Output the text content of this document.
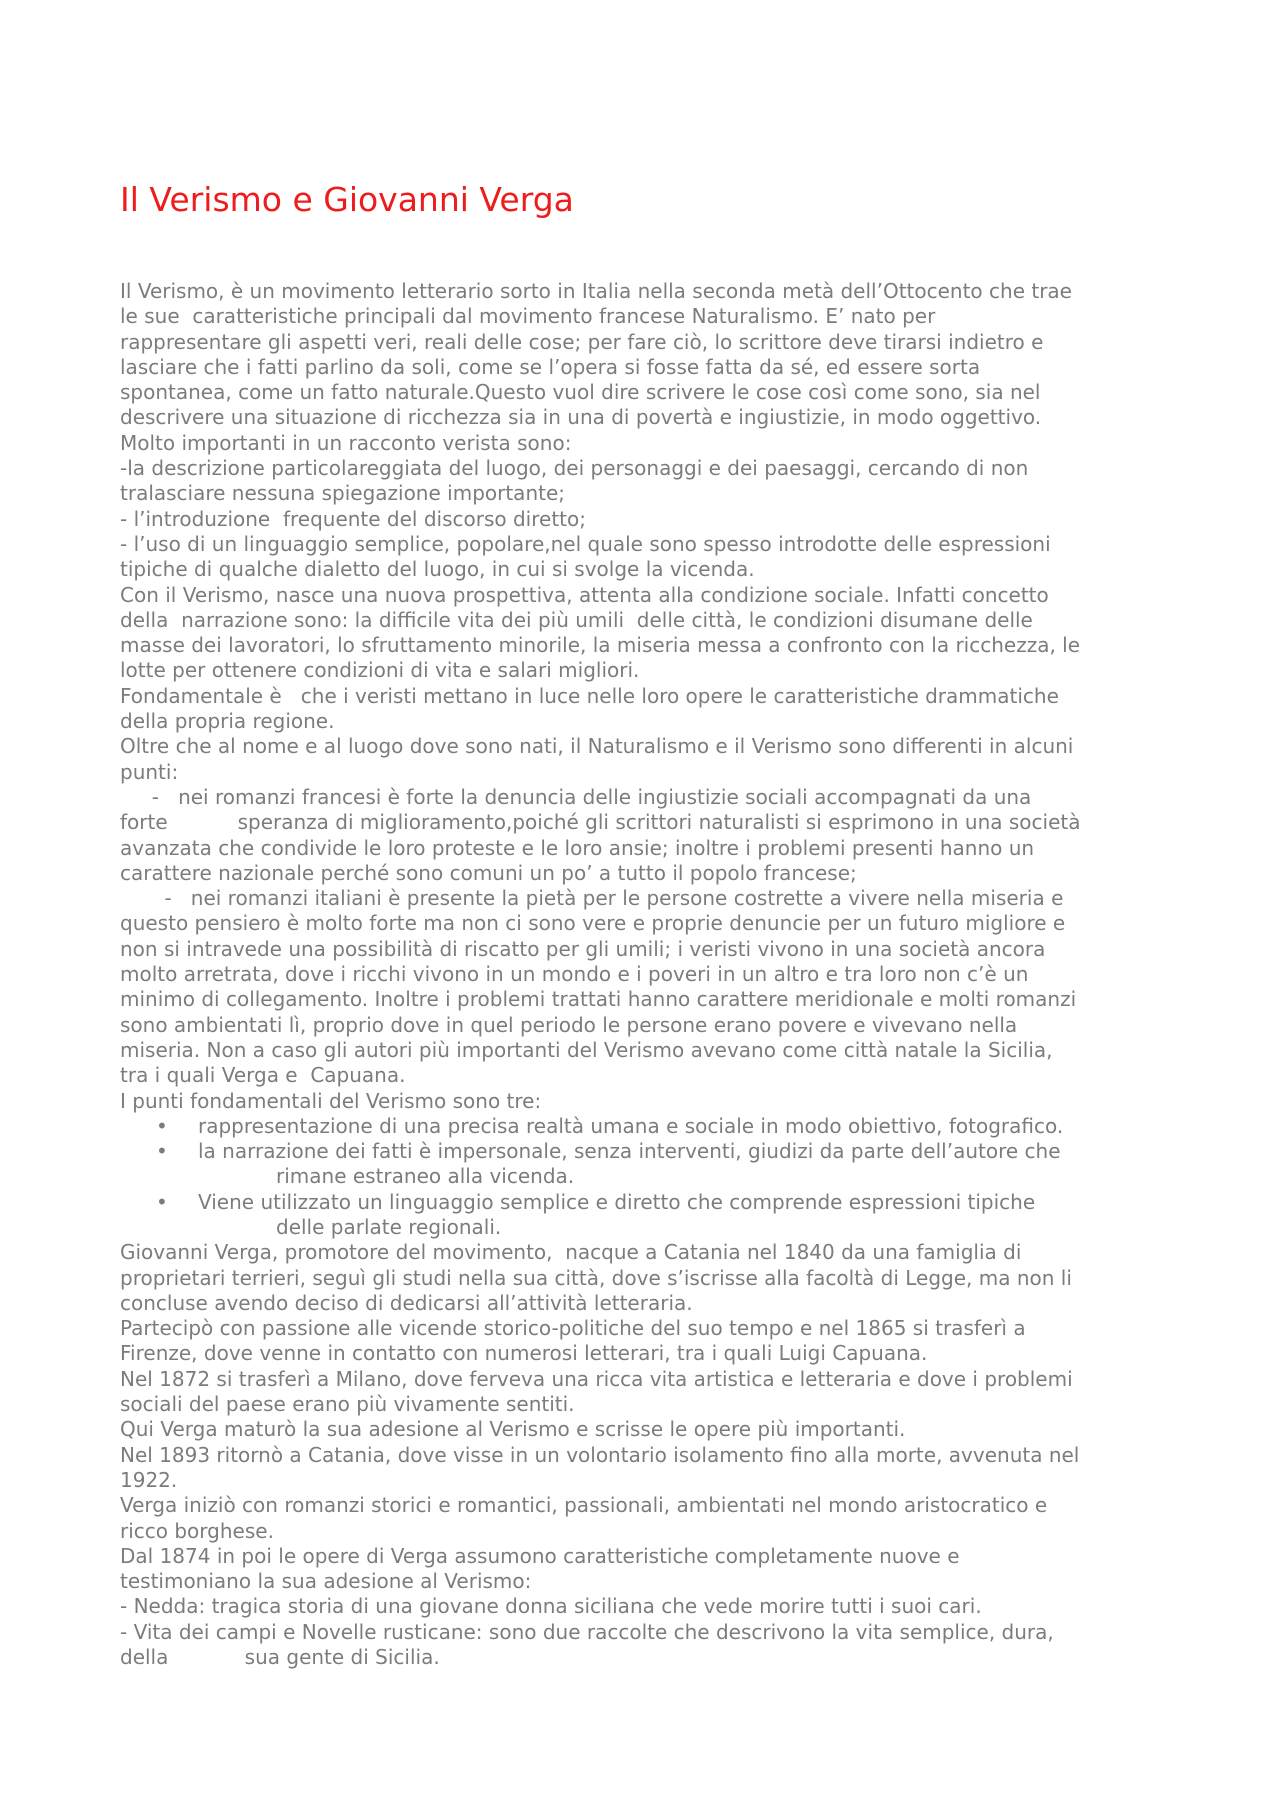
Il Verismo e Giovanni Verga
Il Verismo, è un movimento letterario sorto in Italia nella seconda metà dell’Ottocento che trae
le sue  caratteristiche principali dal movimento francese Naturalismo. E’ nato per
rappresentare gli aspetti veri, reali delle cose; per fare ciò, lo scrittore deve tirarsi indietro e
lasciare che i fatti parlino da soli, come se l’opera si fosse fatta da sé, ed essere sorta
spontanea, come un fatto naturale.Questo vuol dire scrivere le cose così come sono, sia nel
descrivere una situazione di ricchezza sia in una di povertà e ingiustizie, in modo oggettivo.
Molto importanti in un racconto verista sono:
-la descrizione particolareggiata del luogo, dei personaggi e dei paesaggi, cercando di non
tralasciare nessuna spiegazione importante;
- l’introduzione  frequente del discorso diretto;
- l’uso di un linguaggio semplice, popolare,nel quale sono spesso introdotte delle espressioni
tipiche di qualche dialetto del luogo, in cui si svolge la vicenda.
Con il Verismo, nasce una nuova prospettiva, attenta alla condizione sociale. Infatti concetto
della  narrazione sono: la difficile vita dei più umili  delle città, le condizioni disumane delle
masse dei lavoratori, lo sfruttamento minorile, la miseria messa a confronto con la ricchezza, le
lotte per ottenere condizioni di vita e salari migliori.
Fondamentale è   che i veristi mettano in luce nelle loro opere le caratteristiche drammatiche
della propria regione.
Oltre che al nome e al luogo dove sono nati, il Naturalismo e il Verismo sono differenti in alcuni
punti:
-   nei romanzi francesi è forte la denuncia delle ingiustizie sociali accompagnati da una
forte           speranza di miglioramento,poiché gli scrittori naturalisti si esprimono in una società
avanzata che condivide le loro proteste e le loro ansie; inoltre i problemi presenti hanno un
carattere nazionale perché sono comuni un po’ a tutto il popolo francese;
-   nei romanzi italiani è presente la pietà per le persone costrette a vivere nella miseria e
questo pensiero è molto forte ma non ci sono vere e proprie denuncie per un futuro migliore e
non si intravede una possibilità di riscatto per gli umili; i veristi vivono in una società ancora
molto arretrata, dove i ricchi vivono in un mondo e i poveri in un altro e tra loro non c’è un
minimo di collegamento. Inoltre i problemi trattati hanno carattere meridionale e molti romanzi
sono ambientati lì, proprio dove in quel periodo le persone erano povere e vivevano nella
miseria. Non a caso gli autori più importanti del Verismo avevano come città natale la Sicilia,
tra i quali Verga e  Capuana.
I punti fondamentali del Verismo sono tre:
•	rappresentazione di una precisa realtà umana e sociale in modo obiettivo, fotografico.
•	la narrazione dei fatti è impersonale, senza interventi, giudizi da parte dell’autore che
rimane estraneo alla vicenda.
•	Viene utilizzato un linguaggio semplice e diretto che comprende espressioni tipiche
delle parlate regionali.
Giovanni Verga, promotore del movimento,  nacque a Catania nel 1840 da una famiglia di
proprietari terrieri, seguì gli studi nella sua città, dove s’iscrisse alla facoltà di Legge, ma non li
concluse avendo deciso di dedicarsi all’attività letteraria.
Partecipò con passione alle vicende storico-politiche del suo tempo e nel 1865 si trasferì a
Firenze, dove venne in contatto con numerosi letterari, tra i quali Luigi Capuana.
Nel 1872 si trasferì a Milano, dove ferveva una ricca vita artistica e letteraria e dove i problemi
sociali del paese erano più vivamente sentiti.
Qui Verga maturò la sua adesione al Verismo e scrisse le opere più importanti.
Nel 1893 ritornò a Catania, dove visse in un volontario isolamento fino alla morte, avvenuta nel
1922.
Verga iniziò con romanzi storici e romantici, passionali, ambientati nel mondo aristocratico e
ricco borghese.
Dal 1874 in poi le opere di Verga assumono caratteristiche completamente nuove e
testimoniano la sua adesione al Verismo:
- Nedda: tragica storia di una giovane donna siciliana che vede morire tutti i suoi cari.
- Vita dei campi e Novelle rusticane: sono due raccolte che descrivono la vita semplice, dura,
della            sua gente di Sicilia.
